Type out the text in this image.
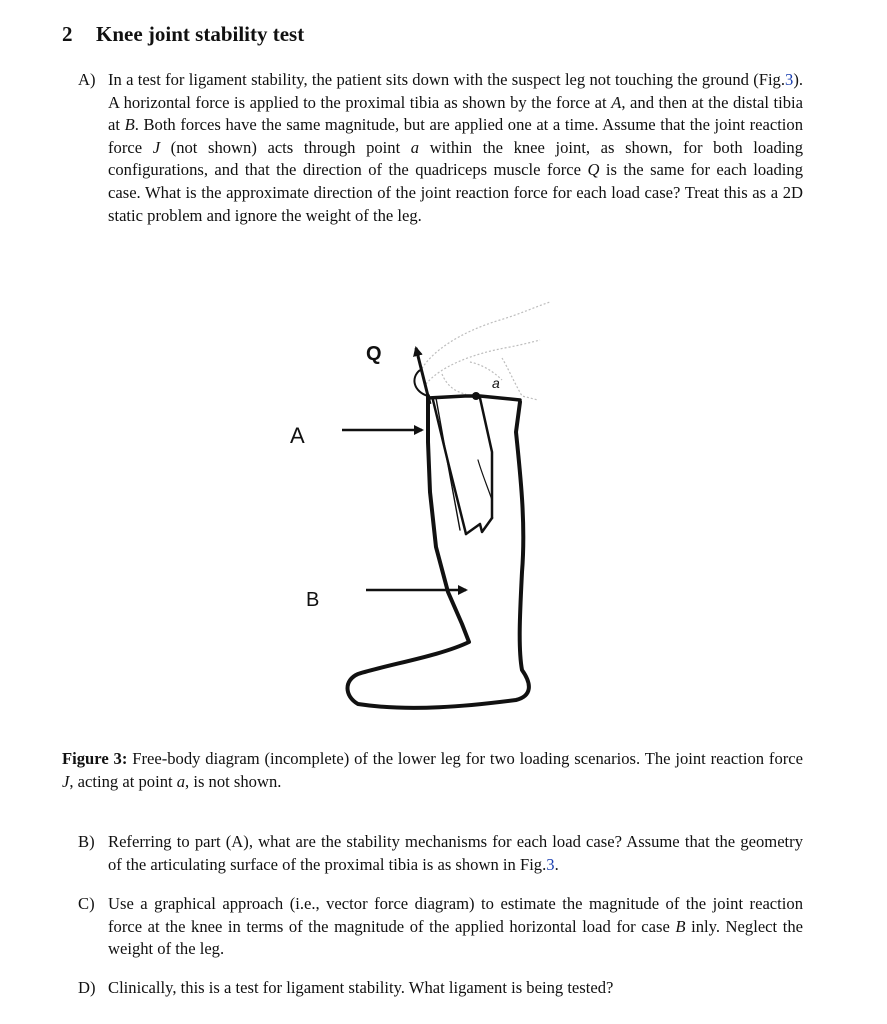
2 Knee joint stability test
A) In a test for ligament stability, the patient sits down with the suspect leg not touching the ground (Fig.3). A horizontal force is applied to the proximal tibia as shown by the force at A, and then at the distal tibia at B. Both forces have the same magnitude, but are applied one at a time. Assume that the joint reaction force J (not shown) acts through point a within the knee joint, as shown, for both loading configurations, and that the direction of the quadriceps muscle force Q is the same for each loading case. What is the approximate direction of the joint reaction force for each load case? Treat this as a 2D static problem and ignore the weight of the leg.
Q
a
A
B
Figure 3: Free-body diagram (incomplete) of the lower leg for two loading scenarios. The joint reaction force J, acting at point a, is not shown.
B) Referring to part (A), what are the stability mechanisms for each load case? Assume that the geometry of the articulating surface of the proximal tibia is as shown in Fig.3.
C) Use a graphical approach (i.e., vector force diagram) to estimate the magnitude of the joint reaction force at the knee in terms of the magnitude of the applied horizontal load for case B inly. Neglect the weight of the leg.
D) Clinically, this is a test for ligament stability. What ligament is being tested?
